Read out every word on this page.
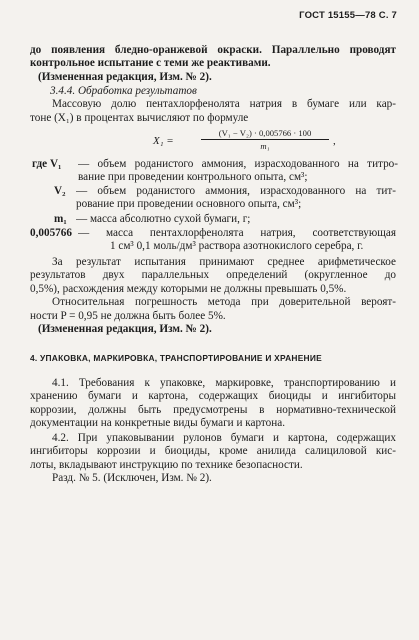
ГОСТ 15155—78 С. 7
до появления бледно-оранжевой окраски. Параллельно проводят
контрольное испытание с теми же реактивами.
(Измененная редакция, Изм. № 2).
3.4.4. Обработка результатов
Массовую долю пентахлорфенолята натрия в бумаге или кар-
тоне (X₁) в процентах вычисляют по формуле
X₁ =
(V₁ − V₂) · 0,005766 · 100
m₁	,
где V₁	— объем роданистого аммония, израсходованного на титро-
вание при проведении контрольного опыта, см³;
V₂ — объем роданистого аммония, израсходованного на тит-
рование при проведении основного опыта, см³;
m₁ — масса абсолютно сухой бумаги, г;
0,005766 — масса пентахлорфенолята натрия, соответствующая
1 см³ 0,1 моль/дм³ раствора азотнокислого серебра, г.
За результат испытания принимают среднее арифметическое
результатов двух параллельных определений (округленное до
0,5%), расхождения между которыми не должны превышать 0,5%.
Относительная погрешность метода при доверительной вероят-
ности P = 0,95 не должна быть более 5%.
(Измененная редакция, Изм. № 2).
4. УПАКОВКА, МАРКИРОВКА, ТРАНСПОРТИРОВАНИЕ И ХРАНЕНИЕ
4.1. Требования к упаковке, маркировке, транспортированию и
хранению бумаги и картона, содержащих биоциды и ингибиторы
коррозии, должны быть предусмотрены в нормативно-технической
документации на конкретные виды бумаги и картона.
4.2. При упаковывании рулонов бумаги и картона, содержащих
ингибиторы коррозии и биоциды, кроме анилида салициловой кис-
лоты, вкладывают инструкцию по технике безопасности.
Разд. № 5. (Исключен, Изм. № 2).
